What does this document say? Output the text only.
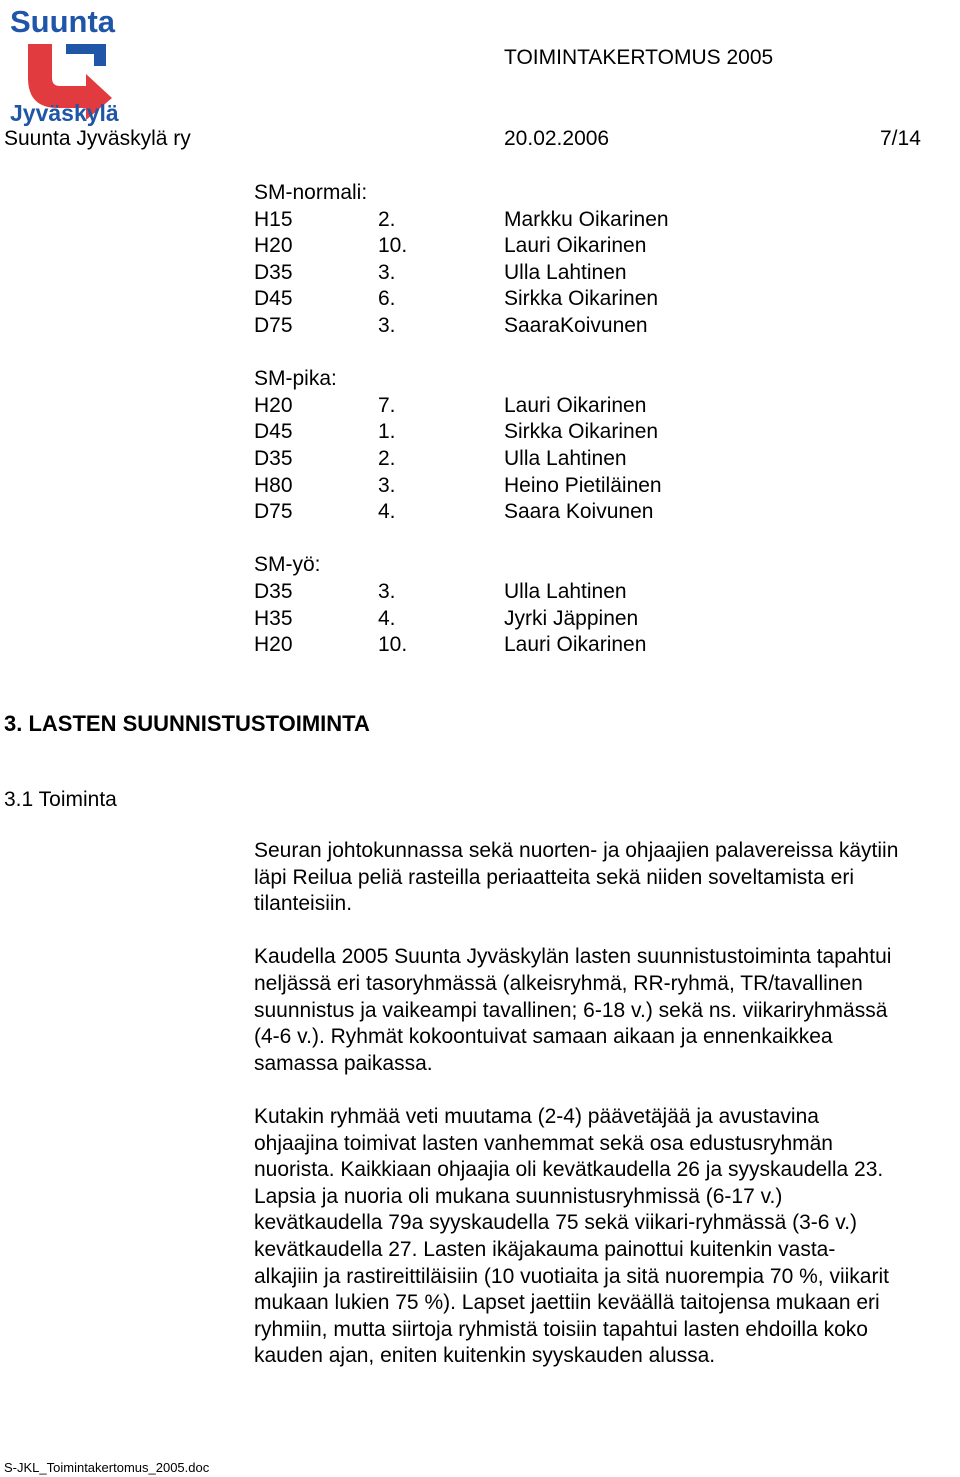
Suunta
Jyväskylä
TOIMINTAKERTOMUS 2005
Suunta Jyväskylä ry	20.02.2006	7/14
SM-normali:
H15	2.	Markku Oikarinen
H20	10.	Lauri Oikarinen
D35	3.	Ulla Lahtinen
D45	6.	Sirkka Oikarinen
D75	3.	SaaraKoivunen
SM-pika:
H20	7.	Lauri Oikarinen
D45	1.	Sirkka Oikarinen
D35	2.	Ulla Lahtinen
H80	3.	Heino Pietiläinen
D75	4.	Saara Koivunen
SM-yö:
D35	3.	Ulla Lahtinen
H35	4.	Jyrki Jäppinen
H20	10.	Lauri Oikarinen
3. LASTEN SUUNNISTUSTOIMINTA
3.1 Toiminta

Seuran johtokunnassa sekä nuorten- ja ohjaajien palavereissa käytiin
läpi Reilua peliä rasteilla periaatteita sekä niiden soveltamista eri
tilanteisiin.

Kaudella 2005 Suunta Jyväskylän lasten suunnistustoiminta tapahtui
neljässä eri tasoryhmässä (alkeisryhmä, RR-ryhmä, TR/tavallinen
suunnistus ja vaikeampi tavallinen; 6-18 v.) sekä ns. viikariryhmässä
(4-6 v.). Ryhmät kokoontuivat samaan aikaan ja ennenkaikkea
samassa paikassa.

Kutakin ryhmää veti muutama (2-4) päävetäjää ja avustavina
ohjaajina toimivat lasten vanhemmat sekä osa edustusryhmän
nuorista. Kaikkiaan ohjaajia oli kevätkaudella 26 ja syyskaudella 23.
Lapsia ja nuoria oli mukana suunnistusryhmissä (6-17 v.)
kevätkaudella 79a syyskaudella 75 sekä viikari-ryhmässä (3-6 v.)
kevätkaudella 27. Lasten ikäjakauma painottui kuitenkin vasta-
alkajiin ja rastireittiläisiin (10 vuotiaita ja sitä nuorempia 70 %, viikarit
mukaan lukien 75 %). Lapset jaettiin keväällä taitojensa mukaan eri
ryhmiin, mutta siirtoja ryhmistä toisiin tapahtui lasten ehdoilla koko
kauden ajan, eniten kuitenkin syyskauden alussa.

S-JKL_Toimintakertomus_2005.doc
